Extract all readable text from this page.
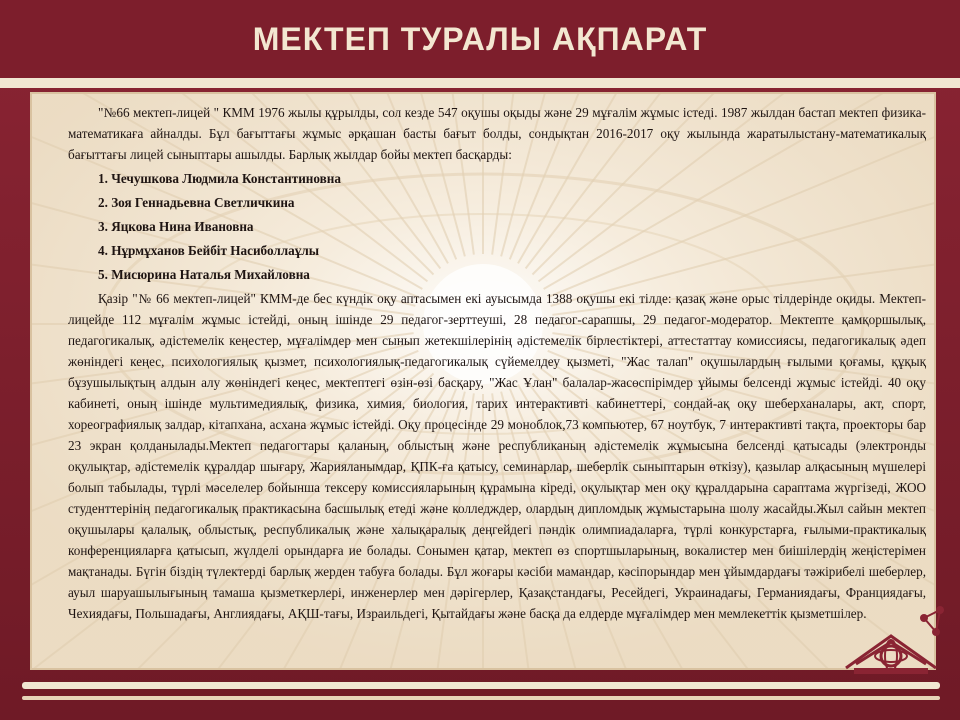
МЕКТЕП ТУРАЛЫ АҚПАРАТ

"№66 мектеп-лицей " КММ 1976 жылы құрылды, сол кезде 547 оқушы оқыды және 29 мұғалім жұмыс істеді. 1987 жылдан бастап мектеп физика-математикаға айналды. Бұл бағыттағы жұмыс әрқашан басты бағыт болды, сондықтан 2016-2017 оқу жылында жаратылыстану-математикалық бағыттағы лицей сыныптары ашылды. Барлық жылдар бойы мектеп басқарды:

1. Чечушкова Людмила Константиновна
2. Зоя Геннадьевна Светличкина
3. Яцкова Нина Ивановна
4. Нұрмұханов Бейбіт Насиболлаұлы
5. Мисюрина Наталья Михайловна

Қазір "№ 66 мектеп-лицей" КММ-де бес күндік оқу аптасымен екі ауысымда 1388 оқушы екі тілде: қазақ және орыс тілдерінде оқиды. Мектеп-лицейде 112 мұғалім жұмыс істейді, оның ішінде 29 педагог-зерттеуші, 28 педагог-сарапшы, 29 педагог-модератор. Мектепте қамқоршылық, педагогикалық, әдістемелік кеңестер, мұғалімдер мен сынып жетекшілерінің әдістемелік бірлестіктері, аттестаттау комиссиясы, педагогикалық әдеп жөніндегі кеңес, психологиялық қызмет, психологиялық-педагогикалық сүйемелдеу қызметі, "Жас талап" оқушылардың ғылыми қоғамы, құқық бұзушылықтың алдын алу жөніндегі кеңес, мектептегі өзін-өзі басқару, "Жас Ұлан" балалар-жасөспірімдер ұйымы белсенді жұмыс істейді. 40 оқу кабинеті, оның ішінде мультимедиялық, физика, химия, биология, тарих интерактивті кабинеттері, сондай-ақ оқу шеберханалары, акт, спорт, хореографиялық залдар, кітапхана, асхана жұмыс істейді. Оқу процесінде 29 моноблок,73 компьютер, 67 ноутбук, 7 интерактивті тақта, проекторы бар 23 экран қолданылады.Мектеп педагогтары қаланың, облыстың және республиканың әдістемелік жұмысына белсенді қатысады (электронды оқулықтар, әдістемелік құралдар шығару, Жарияланымдар, ҚПК-ға қатысу, семинарлар, шеберлік сыныптарын өткізу), қазылар алқасының мүшелері болып табылады, түрлі мәселелер бойынша тексеру комиссияларының құрамына кіреді, оқулықтар мен оқу құралдарына сараптама жүргізеді, ЖОО студенттерінің педагогикалық практикасына басшылық етеді және колледждер, олардың дипломдық жұмыстарына шолу жасайды.Жыл сайын мектеп оқушылары қалалық, облыстық, республикалық және халықаралық деңгейдегі пәндік олимпиадаларға, түрлі конкурстарға, ғылыми-практикалық конференцияларға қатысып, жүлделі орындарға ие болады. Сонымен қатар, мектеп өз спортшыларының, вокалистер мен биішілердің жеңістерімен мақтанады. Бүгін біздің түлектерді барлық жерден табуға болады. Бұл жоғары кәсіби мамандар, кәсіпорындар мен ұйымдардағы тәжірибелі шеберлер, ауыл шаруашылығының тамаша қызметкерлері, инженерлер мен дәрігерлер, Қазақстандағы, Ресейдегі, Украинадағы, Германиядағы, Франциядағы, Чехиядағы, Польшадағы, Англиядағы, АҚШ-тағы, Израильдегі, Қытайдағы және басқа да елдерде мұғалімдер мен мемлекеттік қызметшілер.
